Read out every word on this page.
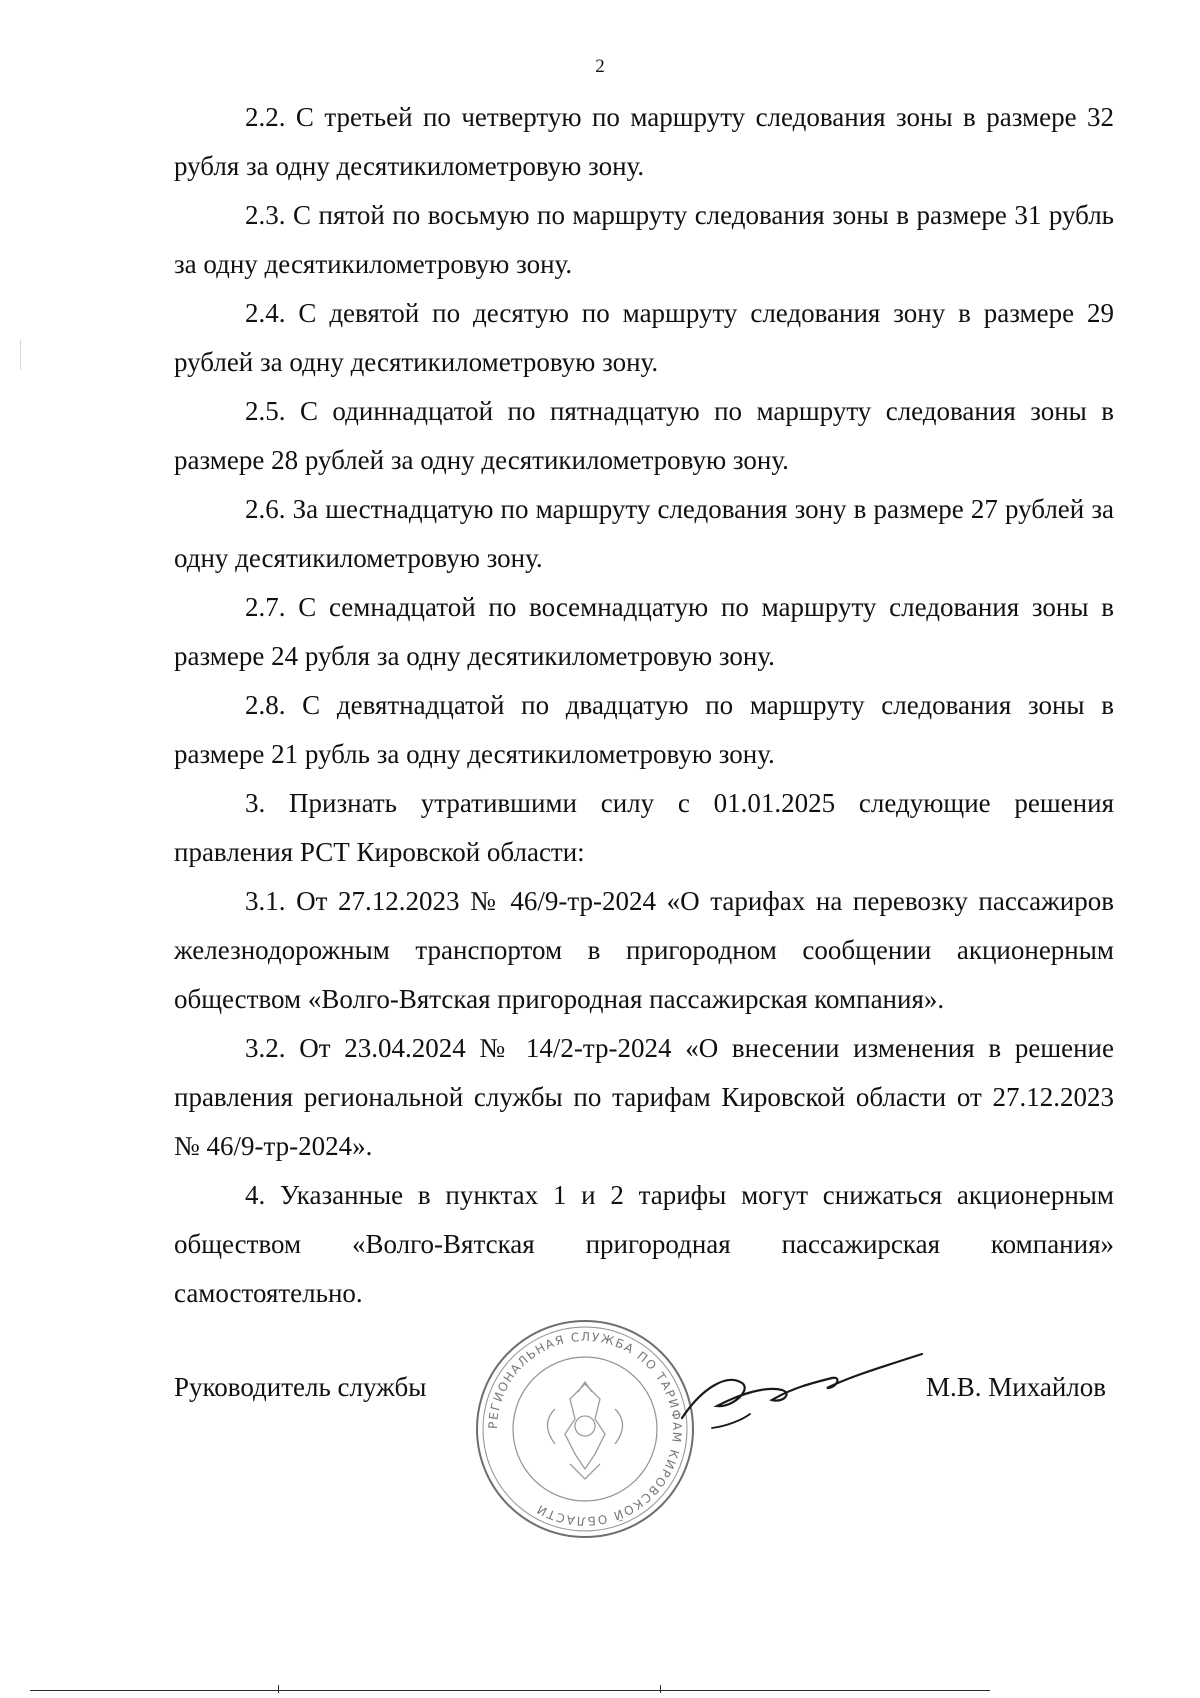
2

2.2. С третьей по четвертую по маршруту следования зоны в размере 32 рубля за одну десятикилометровую зону.

2.3. С пятой по восьмую по маршруту следования зоны в размере 31 рубль за одну десятикилометровую зону.

2.4. С девятой по десятую по маршруту следования зону в размере 29 рублей за одну десятикилометровую зону.

2.5. С одиннадцатой по пятнадцатую по маршруту следования зоны в размере 28 рублей за одну десятикилометровую зону.

2.6. За шестнадцатую по маршруту следования зону в размере 27 рублей за одну десятикилометровую зону.

2.7. С семнадцатой по восемнадцатую по маршруту следования зоны в размере 24 рубля за одну десятикилометровую зону.

2.8. С девятнадцатой по двадцатую по маршруту следования зоны в размере 21 рубль за одну десятикилометровую зону.

3. Признать утратившими силу с 01.01.2025 следующие решения правления РСТ Кировской области:

3.1. От 27.12.2023 № 46/9-тр-2024 «О тарифах на перевозку пассажиров железнодорожным транспортом в пригородном сообщении акционерным обществом «Волго-Вятская пригородная пассажирская компания».

3.2. От 23.04.2024 № 14/2-тр-2024 «О внесении изменения в решение правления региональной службы по тарифам Кировской области от 27.12.2023 № 46/9-тр-2024».

4. Указанные в пунктах 1 и 2 тарифы могут снижаться акционерным обществом «Волго-Вятская пригородная пассажирская компания» самостоятельно.

Руководитель службы
РЕГИОНАЛЬНАЯ СЛУЖБА ПО ТАРИФАМ КИРОВСКОЙ ОБЛАСТИ
М.В. Михайлов
